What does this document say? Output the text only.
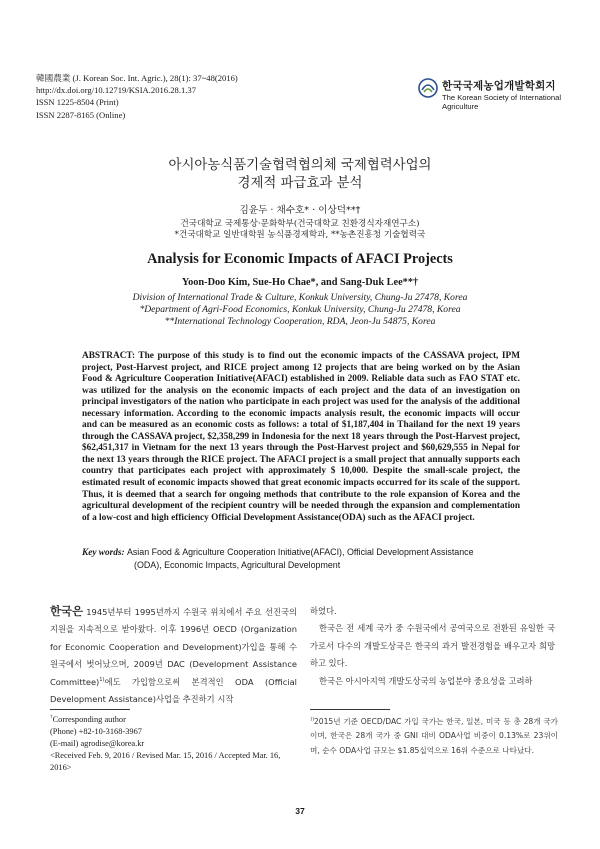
韓國農業 (J. Korean Soc. Int. Agric.), 28(1): 37~48(2016)
http://dx.doi.org/10.12719/KSIA.2016.28.1.37
ISSN 1225-8504 (Print)
ISSN 2287-8165 (Online)
한국국제농업개발학회지
The Korean Society of International Agriculture
아시아농식품기술협력협의체 국제협력사업의
경제적 파급효과 분석
김윤두 · 채수호* · 이상덕**†
건국대학교 국제통상·문화학부(건국대학교 친환경식자재연구소)
*건국대학교 일반대학원 농식품경제학과, **농촌진흥청 기술협력국
Analysis for Economic Impacts of AFACI Projects
Yoon-Doo Kim, Sue-Ho Chae*, and Sang-Duk Lee**†
Division of International Trade & Culture, Konkuk University, Chung-Ju 27478, Korea
*Department of Agri-Food Economics, Konkuk University, Chung-Ju 27478, Korea
**International Technology Cooperation, RDA, Jeon-Ju 54875, Korea
ABSTRACT: The purpose of this study is to find out the economic impacts of the CASSAVA project, IPM project, Post-Harvest project, and RICE project among 12 projects that are being worked on by the Asian Food & Agriculture Cooperation Initiative(AFACI) established in 2009. Reliable data such as FAO STAT etc. was utilized for the analysis on the economic impacts of each project and the data of an investigation on principal investigators of the nation who participate in each project was used for the analysis of the additional necessary information. According to the economic impacts analysis result, the economic impacts will occur and can be measured as an economic costs as follows: a total of $1,187,404 in Thailand for the next 19 years through the CASSAVA project, $2,358,299 in Indonesia for the next 18 years through the Post-Harvest project, $62,451,317 in Vietnam for the next 13 years through the Post-Harvest project and $60,629,555 in Nepal for the next 13 years through the RICE project. The AFACI project is a small project that annually supports each country that participates each project with approximately $ 10,000. Despite the small-scale project, the estimated result of economic impacts showed that great economic impacts occurred for its scale of the support. Thus, it is deemed that a search for ongoing methods that contribute to the role expansion of Korea and the agricultural development of the recipient country will be needed through the expansion and complementation of a low-cost and high efficiency Official Development Assistance(ODA) such as the AFACI project.
Key words: Asian Food & Agriculture Cooperation Initiative(AFACI), Official Development Assistance
(ODA), Economic Impacts, Agricultural Development
한국은 1945년부터 1995년까지 수원국 위치에서 주요 선진국의 지원을 지속적으로 받아왔다. 이후 1996년 OECD (Organization for Economic Cooperation and Development)가입을 통해 수원국에서 벗어났으며, 2009년 DAC (Development Assistance Committee)$^{1)}$에도 가입함으로써 본격적인 ODA (Official Development Assistance)사업을 추진하기 시작
하였다.
한국은 전 세계 국가 중 수원국에서 공여국으로 전환된 유일한 국가로서 다수의 개발도상국은 한국의 과거 발전경험을 배우고자 희망하고 있다.
한국은 아시아지역 개발도상국의 농업분야 중요성을 고려하
†Corresponding author
(Phone) +82-10-3168-3967
(E-mail) agrodise@korea.kr
<Received Feb. 9, 2016 / Revised Mar. 15, 2016 / Accepted Mar. 16, 2016>
$^{1)}$2015년 기준 OECD/DAC 가입 국가는 한국, 일본, 미국 등 총 28개 국가이며, 한국은 28개 국가 중 GNI 대비 ODA사업 비중이 0.13%로 23위이며, 순수 ODA사업 규모는 $1.85십억으로 16위 수준으로 나타났다.
37
